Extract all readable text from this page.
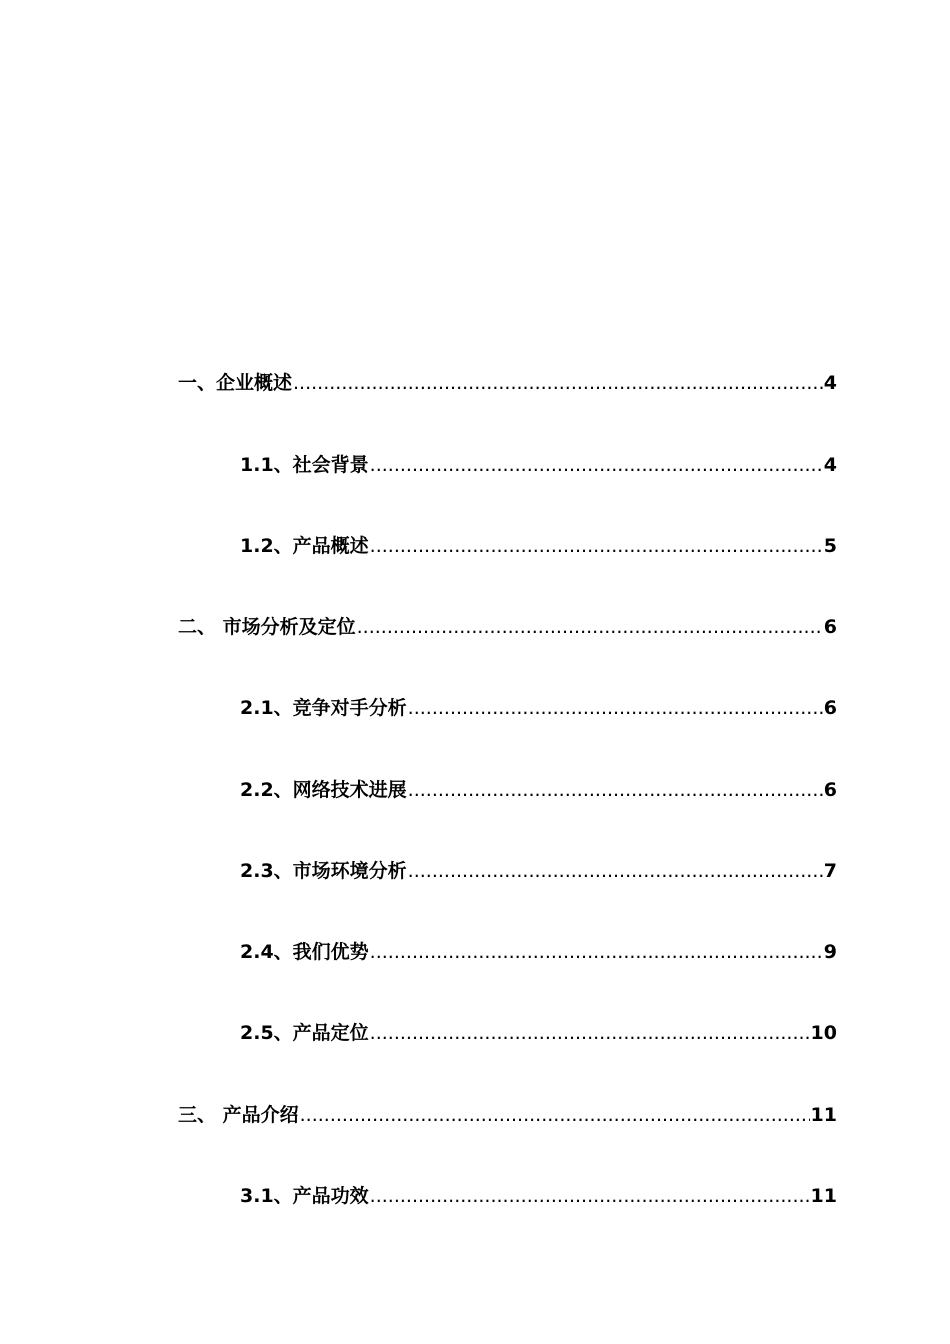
一、企业概述 .....	4
1.1、社会背景 .....	4
1.2、产品概述 .....	5
二、 市场分析及定位 .....	6
2.1、竞争对手分析 .....	6
2.2、网络技术进展 .....	6
2.3、市场环境分析 .....	7
2.4、我们优势 .....	9
2.5、产品定位 .....	10
三、 产品介绍 .....	11
3.1、产品功效 .....	11
